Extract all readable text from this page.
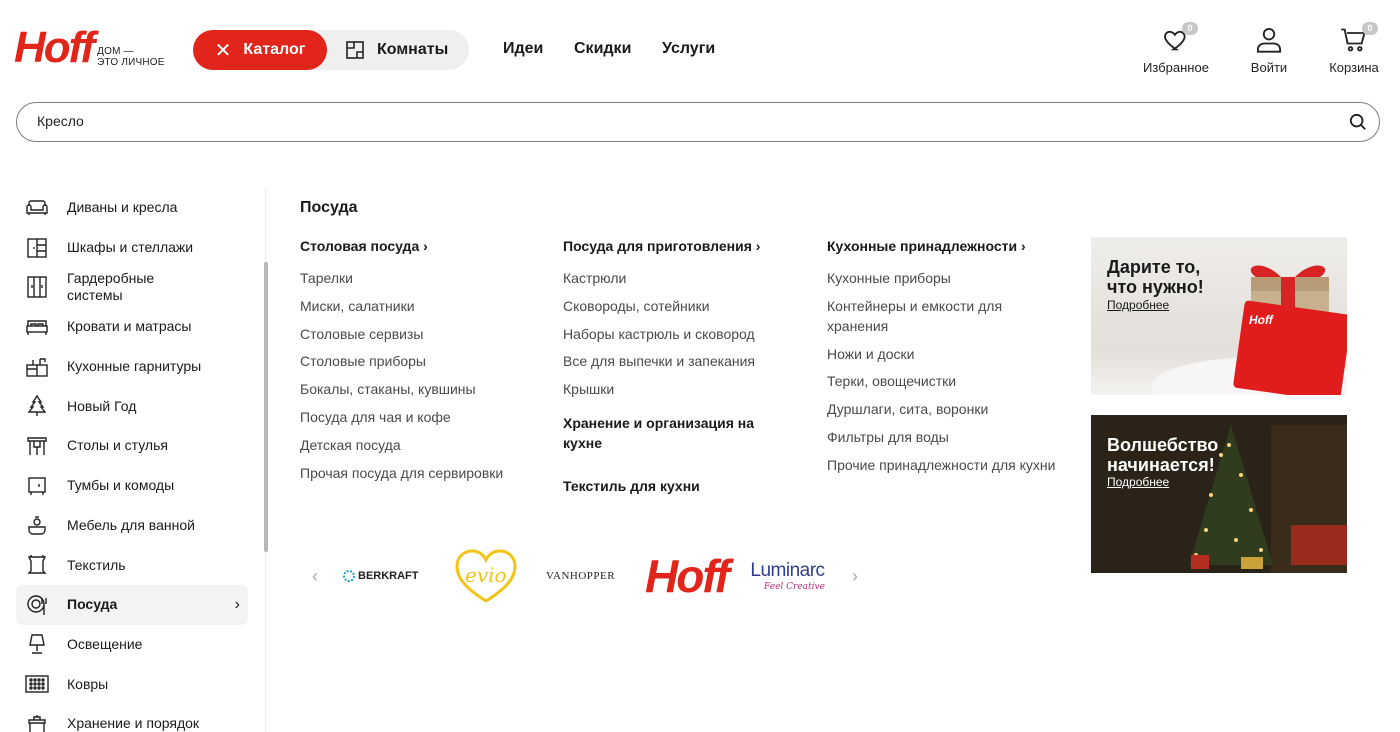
Hoff ДОМ —
ЭТО ЛИЧНОЕ
✕ Каталог	Комнаты	Идеи Скидки Услуги
0
Избранное	Войти
0
Корзина
Кресло
Диваны и кресла
Шкафы и стеллажи
Гардеробные системы
Кровати и матрасы
Кухонные гарнитуры
Новый Год
Столы и стулья
Тумбы и комоды
Мебель для ванной
Текстиль
Посуда	›
Освещение
Ковры
Хранение и порядок
Посуда
Столовая посуда ›
Тарелки
Миски, салатники
Столовые сервизы
Столовые приборы
Бокалы, стаканы, кувшины
Посуда для чая и кофе
Детская посуда
Прочая посуда для сервировки
Посуда для приготовления ›
Кастрюли
Сковороды, сотейники
Наборы кастрюль и сковород
Все для выпечки и запекания
Крышки
Хранение и организация на кухне
Текстиль для кухни
Кухонные принадлежности ›
Кухонные приборы
Контейнеры и емкости для хранения
Ножи и доски
Терки, овощечистки
Дуршлаги, сита, воронки
Фильтры для воды
Прочие принадлежности для кухни
‹	BERKRAFT evio	VANHOPPER Hoff Luminarc
Feel Creative
›
Hoff
Дарите то,
что нужно!
Подробнее
Волшебство
начинается!
Подробнее
